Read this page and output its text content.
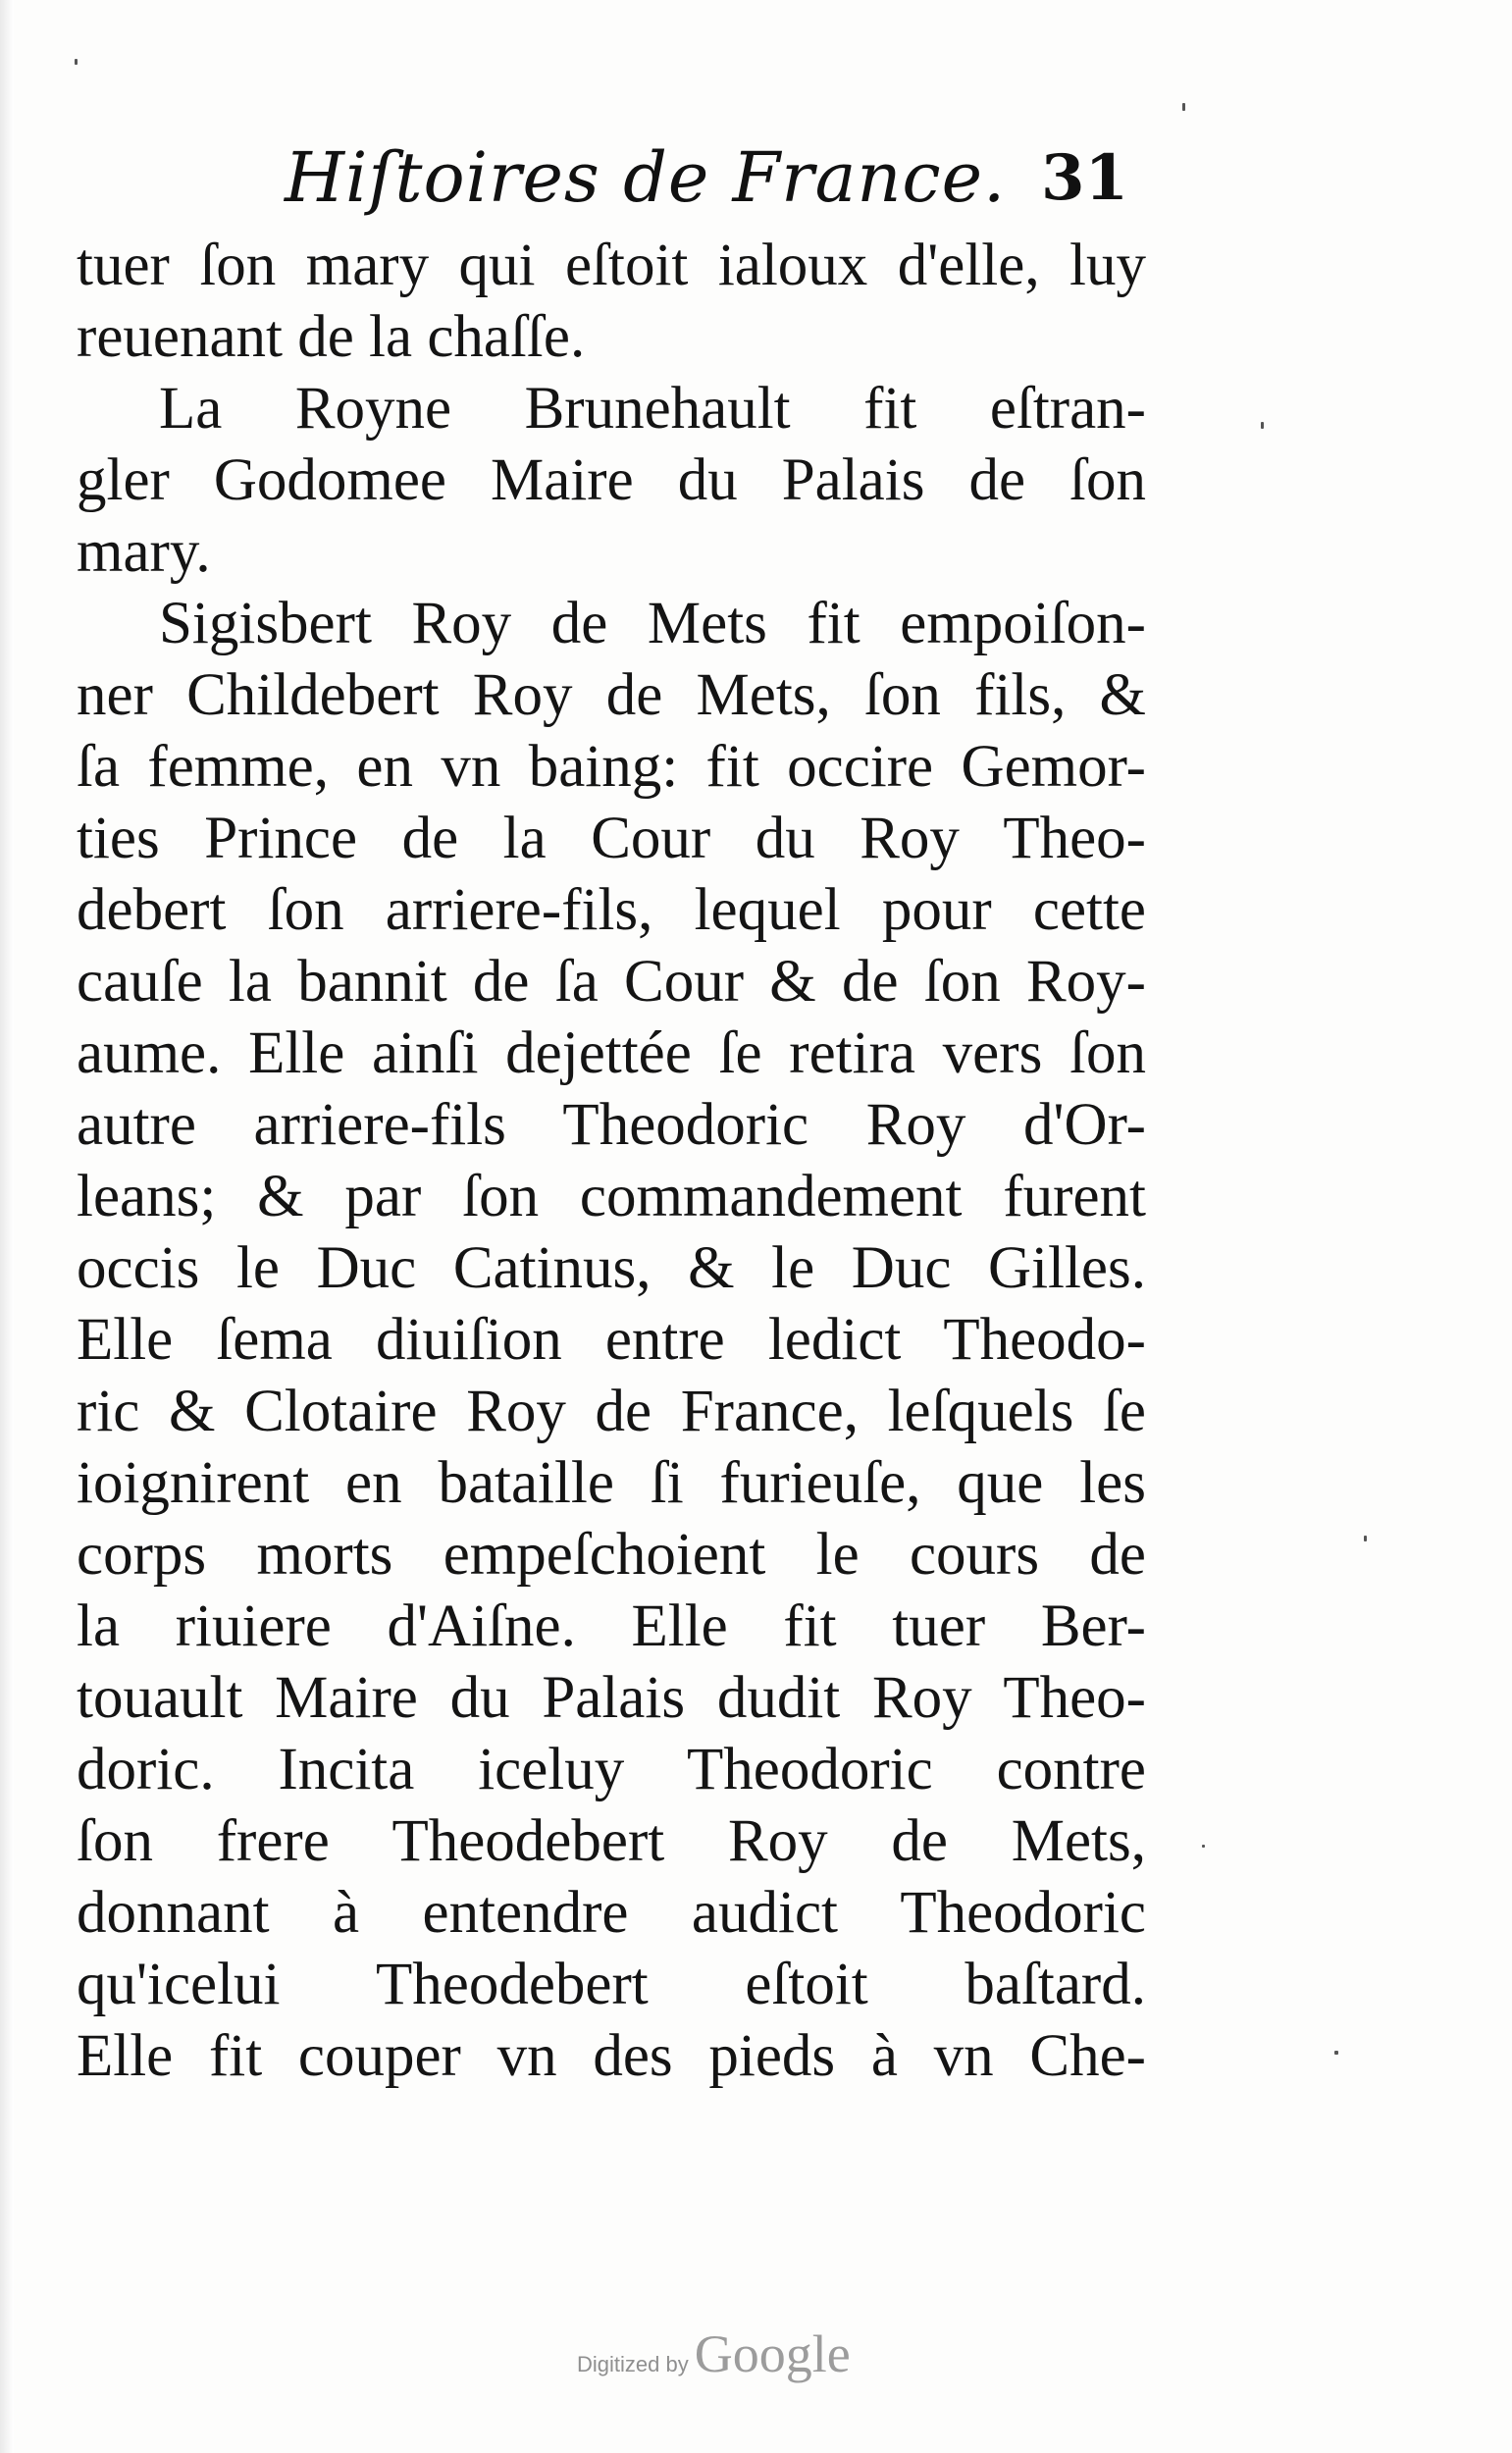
Hiſtoires de France. 31
tuer ſon mary qui eſtoit ialoux d'elle, luy
reuenant de la chaſſe.
La Royne Brunehault fit eſtran-
gler Godomee Maire du Palais de ſon
mary.
Sigisbert Roy de Mets fit empoiſon-
ner Childebert Roy de Mets, ſon fils, &
ſa femme, en vn baing: fit occire Gemor-
ties Prince de la Cour du Roy Theo-
debert ſon arriere-fils, lequel pour cette
cauſe la bannit de ſa Cour & de ſon Roy-
aume. Elle ainſi dejettée ſe retira vers ſon
autre arriere-fils Theodoric Roy d'Or-
leans; & par ſon commandement furent
occis le Duc Catinus, & le Duc Gilles.
Elle ſema diuiſion entre ledict Theodo-
ric & Clotaire Roy de France, leſquels ſe
ioignirent en bataille ſi furieuſe, que les
corps morts empeſchoient le cours de
la riuiere d'Aiſne. Elle fit tuer Ber-
touault Maire du Palais dudit Roy Theo-
doric. Incita iceluy Theodoric contre
ſon frere Theodebert Roy de Mets,
donnant à entendre audict Theodoric
qu'icelui Theodebert eſtoit baſtard.
Elle fit couper vn des pieds à vn Che-
Digitized by Google
